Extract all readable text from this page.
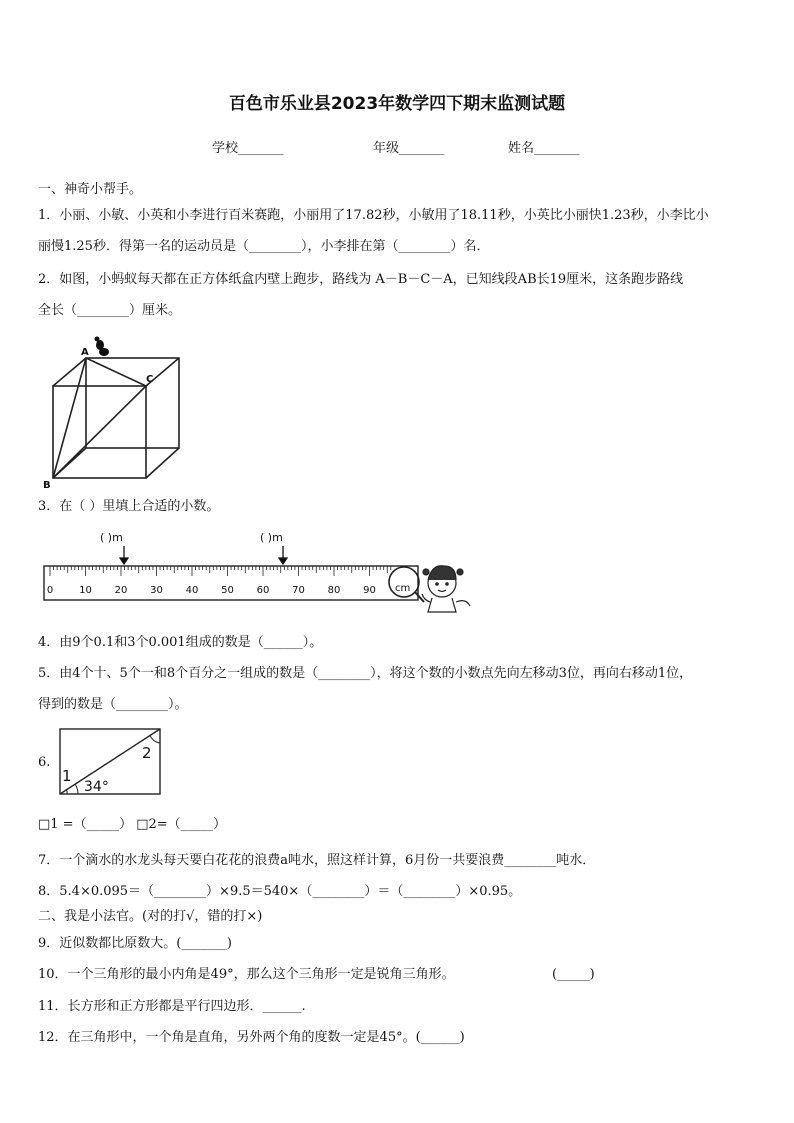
百色市乐业县2023年数学四下期末监测试题
学校_______	年级_______	姓名_______
一、神奇小帮手。
1．小丽、小敏、小英和小李进行百米赛跑，小丽用了17.82秒，小敏用了18.11秒，小英比小丽快1.23秒，小李比小
丽慢1.25秒．得第一名的运动员是（________），小李排在第（________）名．
2．如图，小蚂蚁每天都在正方体纸盒内壁上跑步，路线为 A－B－C－A，已知线段AB长19厘米，这条跑步路线
全长（________）厘米。
A
B
C
3．在（ ）里填上合适的小数。
( )m	( )m
0	10 20 30 40 50 60 70 80 90 cm
4．由9个0.1和3个0.001组成的数是（______）。
5．由4个十、5个一和8个百分之一组成的数是（________），将这个数的小数点先向左移动3位，再向右移动1位，
得到的数是（________）。
6.
1
2
34°
□1 =（_____） □2=（_____）
7．一个滴水的水龙头每天要白花花的浪费a吨水，照这样计算，6月份一共要浪费________吨水．
8．5.4×0.095＝（________）×9.5＝540×（________）＝（________）×0.95。
二、我是小法官。(对的打√，错的打×)
9．近似数都比原数大。(_______)
10．一个三角形的最小内角是49°，那么这个三角形一定是锐角三角形。	(_____)
11．长方形和正方形都是平行四边形．______.
12．在三角形中，一个角是直角，另外两个角的度数一定是45°。(______)
